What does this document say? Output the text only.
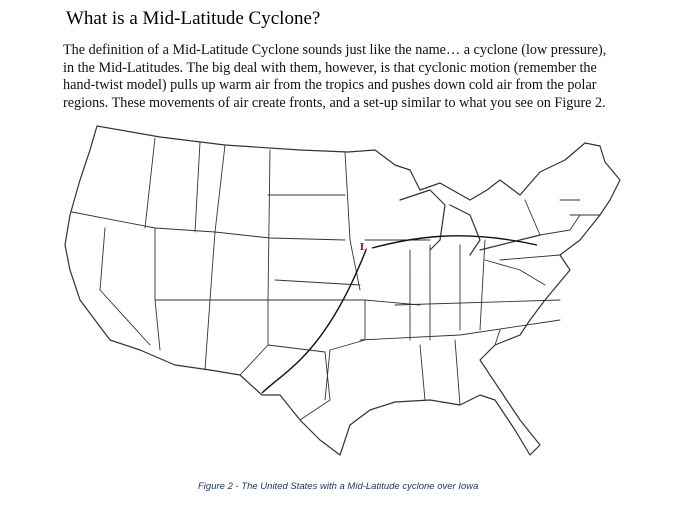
What is a Mid-Latitude Cyclone?
The definition of a Mid-Latitude Cyclone sounds just like the name… a cyclone (low pressure),
in the Mid-Latitudes. The big deal with them, however, is that cyclonic motion (remember the
hand-twist model) pulls up warm air from the tropics and pushes down cold air from the polar
regions. These movements of air create fronts, and a set-up similar to what you see on Figure 2.
L
Figure 2 - The United States with a Mid-Latitude cyclone over Iowa
